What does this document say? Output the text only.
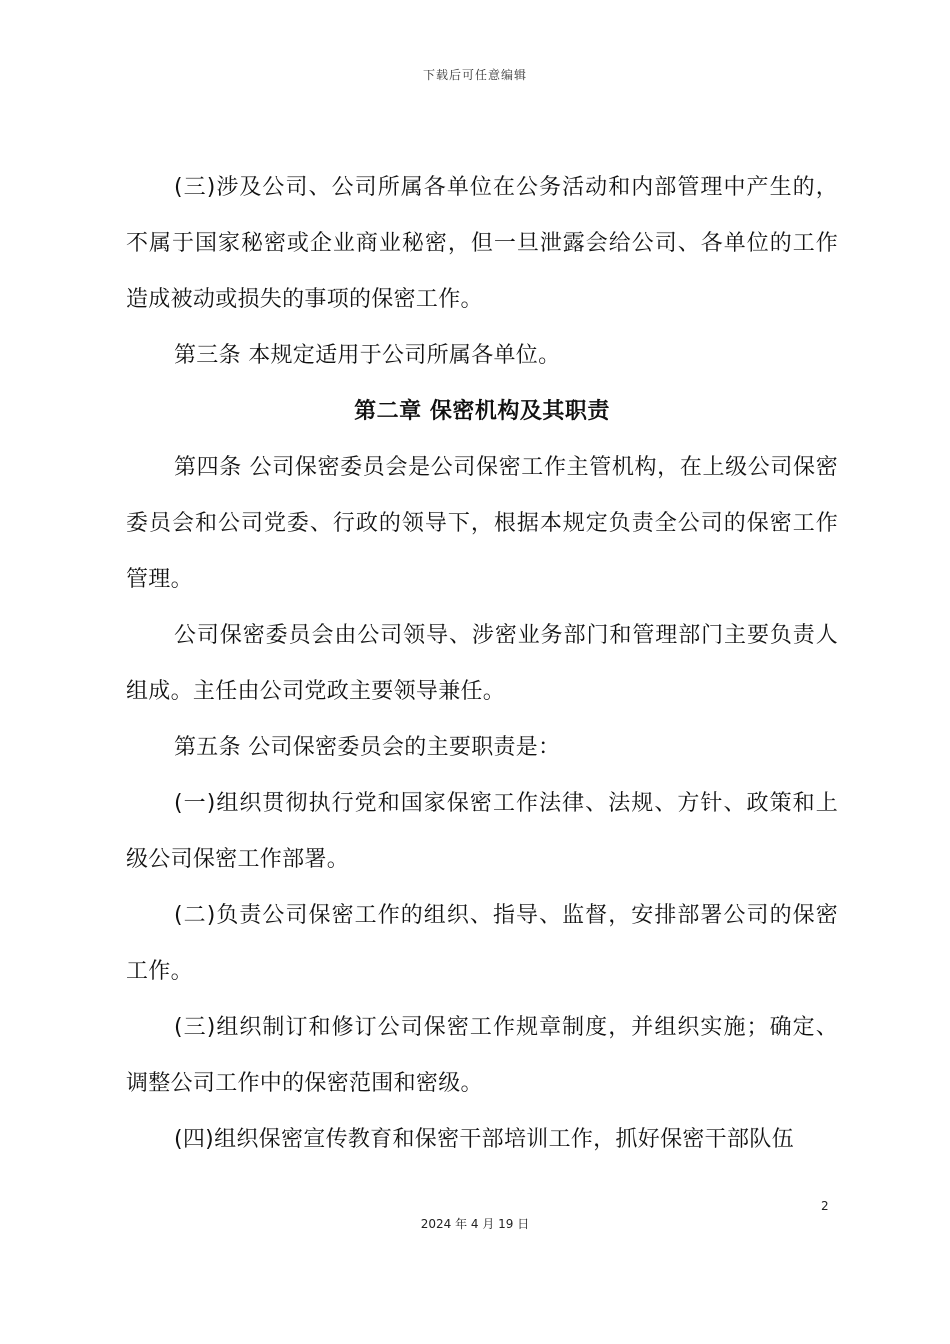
下载后可任意编辑

(三)涉及公司、公司所属各单位在公务活动和内部管理中产生的，不属于国家秘密或企业商业秘密，但一旦泄露会给公司、各单位的工作造成被动或损失的事项的保密工作。

第三条 本规定适用于公司所属各单位。

第二章 保密机构及其职责

第四条 公司保密委员会是公司保密工作主管机构，在上级公司保密委员会和公司党委、行政的领导下，根据本规定负责全公司的保密工作管理。

公司保密委员会由公司领导、涉密业务部门和管理部门主要负责人组成。主任由公司党政主要领导兼任。

第五条 公司保密委员会的主要职责是：

(一)组织贯彻执行党和国家保密工作法律、法规、方针、政策和上级公司保密工作部署。

(二)负责公司保密工作的组织、指导、监督，安排部署公司的保密工作。

(三)组织制订和修订公司保密工作规章制度，并组织实施；确定、调整公司工作中的保密范围和密级。

(四)组织保密宣传教育和保密干部培训工作，抓好保密干部队伍

2
2024 年 4 月 19 日
